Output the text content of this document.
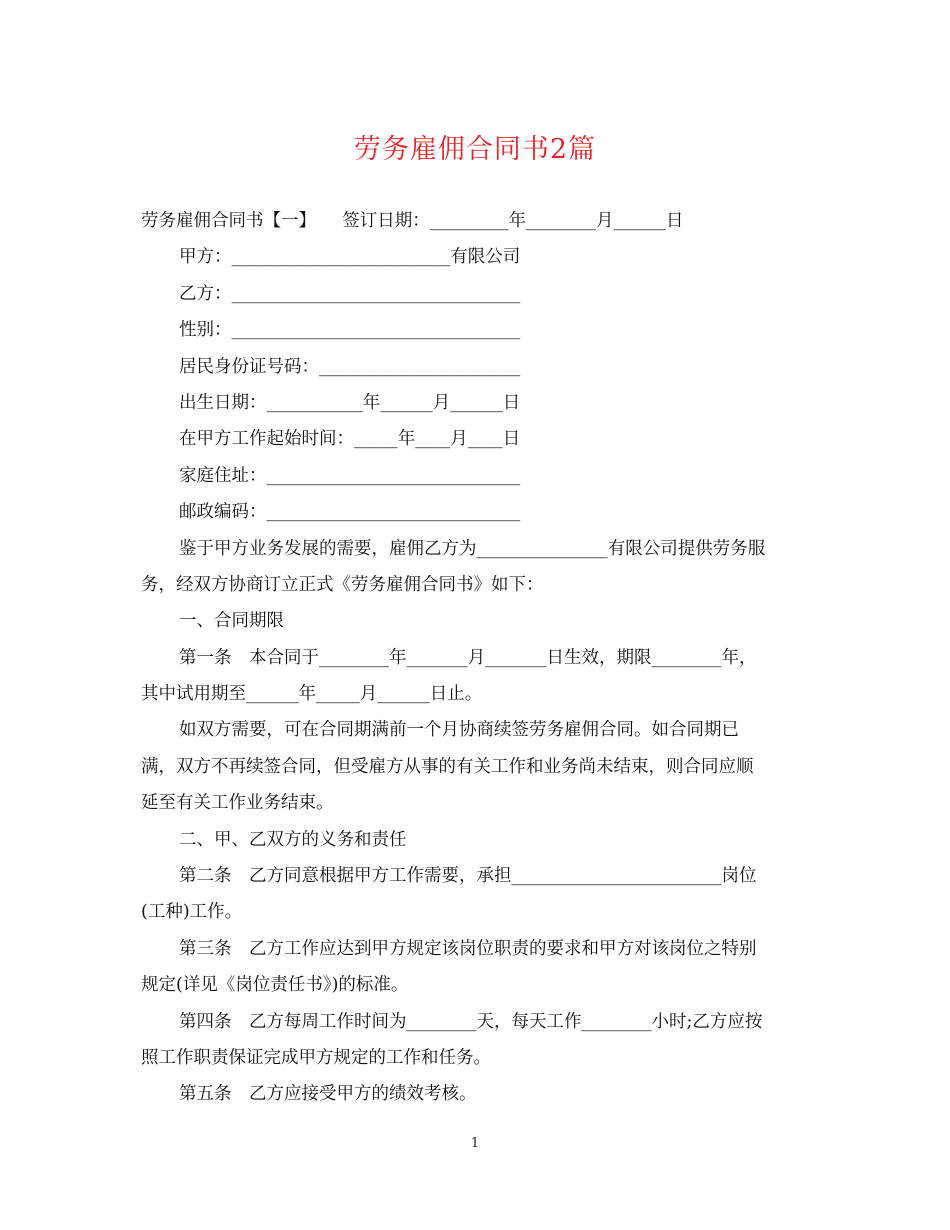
劳务雇佣合同书2篇
劳务雇佣合同书【一】　　签订日期：_________年________月______日
甲方：_________________________有限公司
乙方：_________________________________
性别：_________________________________
居民身份证号码：_______________________
出生日期：___________年______月______日
在甲方工作起始时间：_____年____月____日
家庭住址：_____________________________
邮政编码：_____________________________
鉴于甲方业务发展的需要，雇佣乙方为_______________有限公司提供劳务服
务，经双方协商订立正式《劳务雇佣合同书》如下：
一、合同期限
第一条　本合同于________年_______月_______日生效，期限________年，
其中试用期至______年_____月______日止。
如双方需要，可在合同期满前一个月协商续签劳务雇佣合同。如合同期已
满，双方不再续签合同，但受雇方从事的有关工作和业务尚未结束，则合同应顺
延至有关工作业务结束。
二、甲、乙双方的义务和责任
第二条　乙方同意根据甲方工作需要，承担________________________岗位
(工种)工作。
第三条　乙方工作应达到甲方规定该岗位职责的要求和甲方对该岗位之特别
规定(详见《岗位责任书》)的标准。
第四条　乙方每周工作时间为________天，每天工作________小时;乙方应按
照工作职责保证完成甲方规定的工作和任务。
第五条　乙方应接受甲方的绩效考核。
1
